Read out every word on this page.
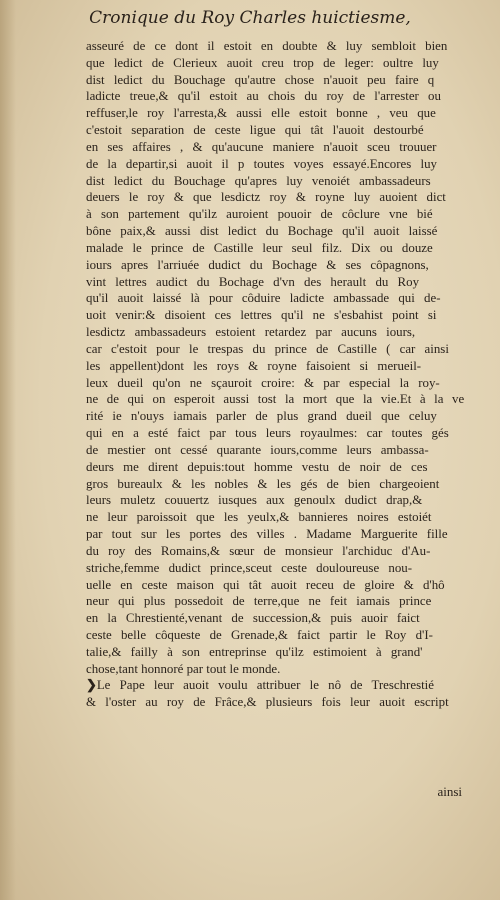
Cronique du Roy Charles huictiesme,
asseuré de ce dont il estoit en doubte & luy sembloit bien
que ledict de Clerieux auoit creu trop de leger: oultre luy
dist ledict du Bouchage qu'autre chose n'auoit peu faire q
ladicte treue,& qu'il estoit au chois du roy de l'arrester ou
reffuser,le roy l'arresta,& aussi elle estoit bonne , veu que
c'estoit separation de ceste ligue qui tât l'auoit destourbé
en ses affaires , & qu'aucune maniere n'auoit sceu trouuer
de la departir,si auoit il p toutes voyes essayé.Encores luy
dist ledict du Bouchage qu'apres luy venoiét ambassadeurs
deuers le roy & que lesdictz roy & royne luy auoient dict
à son partement qu'ilz auroient pouoir de côclure vne bié
bône paix,& aussi dist ledict du Bochage qu'il auoit laissé
malade le prince de Castille leur seul filz. Dix ou douze
iours apres l'arriuée dudict du Bochage & ses côpagnons,
vint lettres audict du Bochage d'vn des herault du Roy
qu'il auoit laissé là pour côduire ladicte ambassade qui de-
uoit venir:& disoient ces lettres qu'il ne s'esbahist point si
lesdictz ambassadeurs estoient retardez par aucuns iours,
car c'estoit pour le trespas du prince de Castille ( car ainsi
les appellent)dont les roys & royne faisoient si merueil-
leux dueil qu'on ne sçauroit croire: & par especial la roy-
ne de qui on esperoit aussi tost la mort que la vie.Et à la ve
rité ie n'ouys iamais parler de plus grand dueil que celuy
qui en a esté faict par tous leurs royaulmes: car toutes gés
de mestier ont cessé quarante iours,comme leurs ambassa-
deurs me dirent depuis:tout homme vestu de noir de ces
gros bureaulx & les nobles & les gés de bien chargeoient
leurs muletz couuertz iusques aux genoulx dudict drap,&
ne leur paroissoit que les yeulx,& bannieres noires estoiét
par tout sur les portes des villes . Madame Marguerite fille
du roy des Romains,& sœur de monsieur l'archiduc d'Au-
striche,femme dudict prince,sceut ceste douloureuse nou-
uelle en ceste maison qui tât auoit receu de gloire & d'hô
neur qui plus possedoit de terre,que ne feit iamais prince
en la Chrestienté,venant de succession,& puis auoir faict
ceste belle côqueste de Grenade,& faict partir le Roy d'I-
talie,& failly à son entreprinse qu'ilz estimoient à grand'
chose,tant honnoré par tout le monde.
❯ Le Pape leur auoit voulu attribuer le nô de Treschrestié
& l'oster au roy de Frâce,& plusieurs fois leur auoit escript
ainsi
